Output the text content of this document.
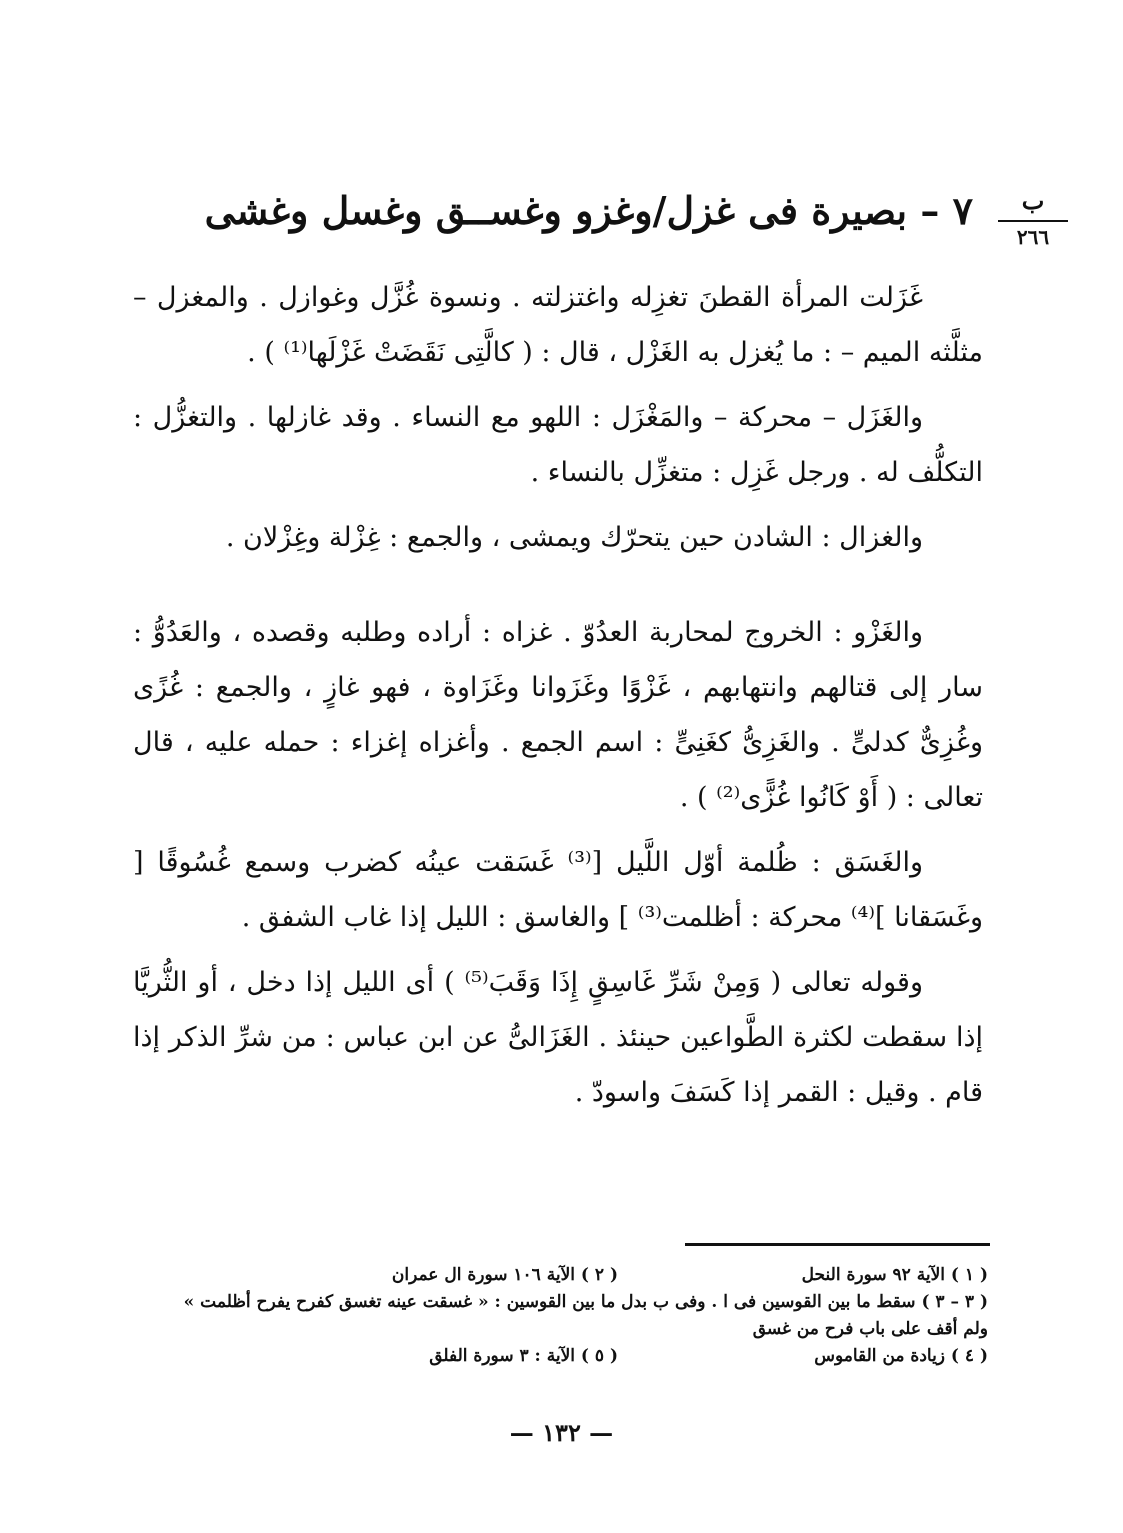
ب
٢٦٦
٧ – بصيرة فى غزل/وغزو وغســق وغسل وغشى

غَزَلت المرأة القطنَ تغزِله واغتزلته . ونسوة غُزَّل وغوازل . والمغزل – مثلَّثه الميم – : ما يُغزل به الغَزْل ، قال : ( كالَّتِى نَقَضَتْ غَزْلَها⁽¹⁾ ) .

والغَزَل – محركة – والمَغْزَل : اللهو مع النساء . وقد غازلها . والتغزُّل : التكلُّف له . ورجل غَزِل : متغزِّل بالنساء .

والغزال : الشادن حين يتحرّك ويمشى ، والجمع : غِزْلة وغِزْلان .

والغَزْو : الخروج لمحاربة العدُوّ . غزاه : أراده وطلبه وقصده ، والعَدُوُّ : سار إلى قتالهم وانتهابهم ، غَزْوًا وغَزَوانا وغَزَاوة ، فهو غازٍ ، والجمع : غُزًى وغُزِىٌّ كدلىٍّ . والغَزِىُّ كغَنِىٍّ : اسم الجمع . وأغزاه إغزاء : حمله عليه ، قال تعالى : ( أَوْ كَانُوا غُزًّى⁽²⁾ ) .

والغَسَق : ظُلمة أوّل اللَّيل [⁽³⁾ غَسَقت عينُه كضرب وسمع غُسُوقًا [ وغَسَقانا ]⁽⁴⁾ محركة : أظلمت⁽³⁾ ] والغاسق : الليل إذا غاب الشفق .

وقوله تعالى ( وَمِنْ شَرِّ غَاسِقٍ إِذَا وَقَبَ⁽⁵⁾ ) أى الليل إذا دخل ، أو الثُّريَّا إذا سقطت لكثرة الطَّواعين حينئذ . الغَزَالىُّ عن ابن عباس : من شرِّ الذكر إذا قام . وقيل : القمر إذا كَسَفَ واسودّ .

( ١ ) الآية ٩٢ سورة النحل
( ٢ ) الآية ١٠٦ سورة ال عمران
( ٣ – ٣ ) سقط ما بين القوسين فى ا . وفى ب بدل ما بين القوسين : « غسقت عينه تغسق كفرح يفرح أظلمت »
ولم أقف على باب فرح من غسق
( ٤ ) زيادة من القاموس
( ٥ ) الآية : ٣ سورة الفلق
— ١٣٢ —
